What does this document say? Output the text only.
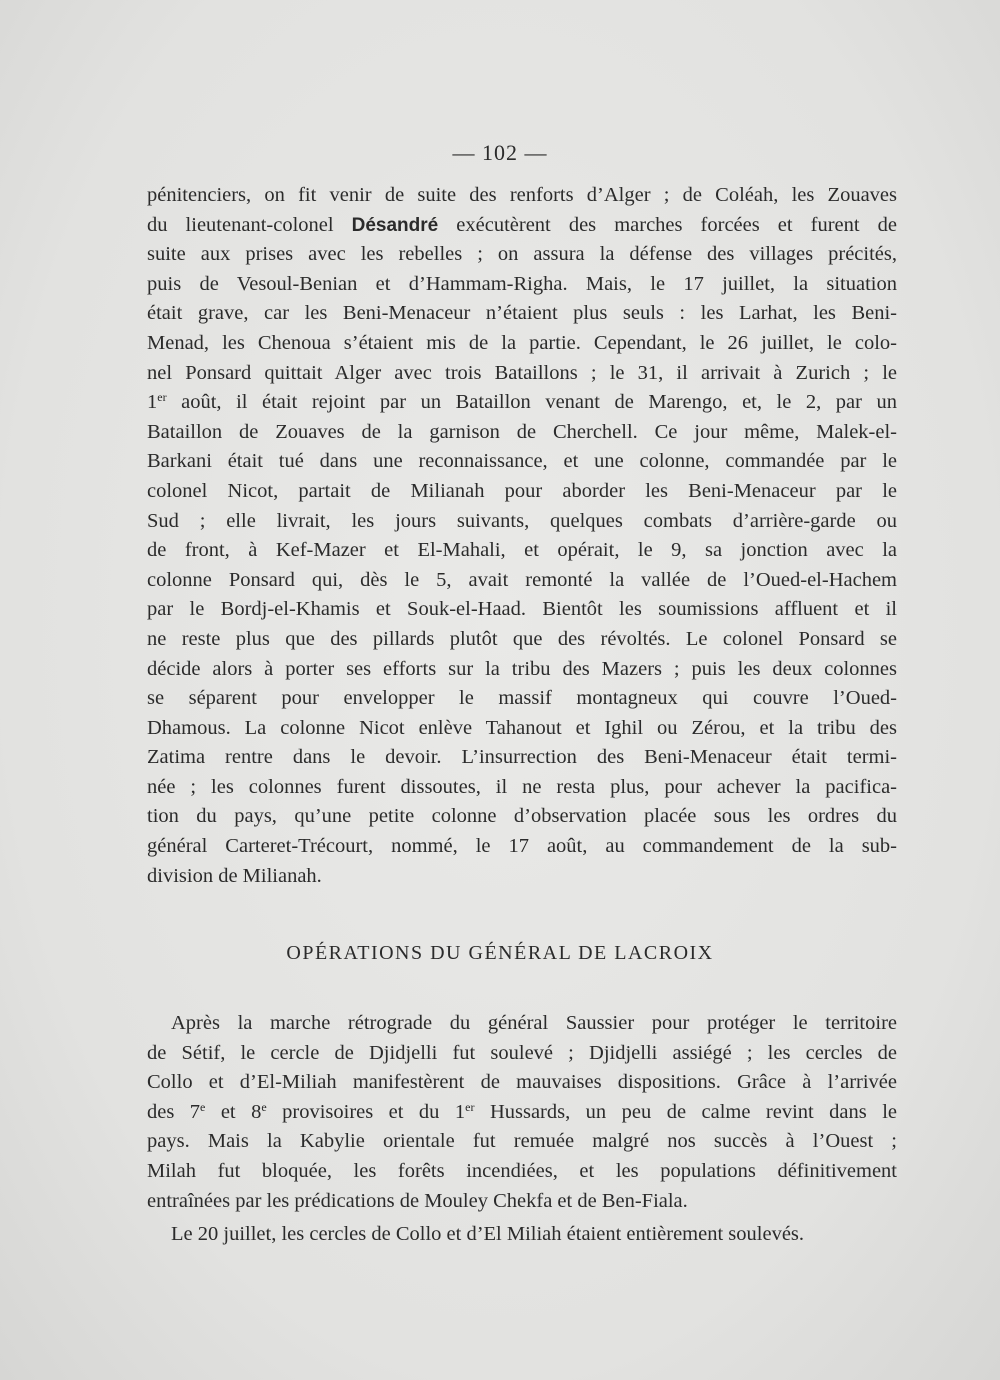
— 102 —
pénitenciers, on fit venir de suite des renforts d’Alger ; de Coléah, les Zouaves
du lieutenant-colonel Désandré exécutèrent des marches forcées et furent de
suite aux prises avec les rebelles ; on assura la défense des villages précités,
puis de Vesoul-Benian et d’Hammam-Righa. Mais, le 17 juillet, la situation
était grave, car les Beni-Menaceur n’étaient plus seuls : les Larhat, les Beni-
Menad, les Chenoua s’étaient mis de la partie. Cependant, le 26 juillet, le colo-
nel Ponsard quittait Alger avec trois Bataillons ; le 31, il arrivait à Zurich ; le
1er août, il était rejoint par un Bataillon venant de Marengo, et, le 2, par un
Bataillon de Zouaves de la garnison de Cherchell. Ce jour même, Malek-el-
Barkani était tué dans une reconnaissance, et une colonne, commandée par le
colonel Nicot, partait de Milianah pour aborder les Beni-Menaceur par le
Sud ; elle livrait, les jours suivants, quelques combats d’arrière-garde ou
de front, à Kef-Mazer et El-Mahali, et opérait, le 9, sa jonction avec la
colonne Ponsard qui, dès le 5, avait remonté la vallée de l’Oued-el-Hachem
par le Bordj-el-Khamis et Souk-el-Haad. Bientôt les soumissions affluent et il
ne reste plus que des pillards plutôt que des révoltés. Le colonel Ponsard se
décide alors à porter ses efforts sur la tribu des Mazers ; puis les deux colonnes
se séparent pour envelopper le massif montagneux qui couvre l’Oued-
Dhamous. La colonne Nicot enlève Tahanout et Ighil ou Zérou, et la tribu des
Zatima rentre dans le devoir. L’insurrection des Beni-Menaceur était termi-
née ; les colonnes furent dissoutes, il ne resta plus, pour achever la pacifica-
tion du pays, qu’une petite colonne d’observation placée sous les ordres du
général Carteret-Trécourt, nommé, le 17 août, au commandement de la sub-
division de Milianah.
OPÉRATIONS DU GÉNÉRAL DE LACROIX
Après la marche rétrograde du général Saussier pour protéger le territoire
de Sétif, le cercle de Djidjelli fut soulevé ; Djidjelli assiégé ; les cercles de
Collo et d’El-Miliah manifestèrent de mauvaises dispositions. Grâce à l’arrivée
des 7e et 8e provisoires et du 1er Hussards, un peu de calme revint dans le
pays. Mais la Kabylie orientale fut remuée malgré nos succès à l’Ouest ;
Milah fut bloquée, les forêts incendiées, et les populations définitivement
entraînées par les prédications de Mouley Chekfa et de Ben-Fiala.
Le 20 juillet, les cercles de Collo et d’El Miliah étaient entièrement soulevés.
